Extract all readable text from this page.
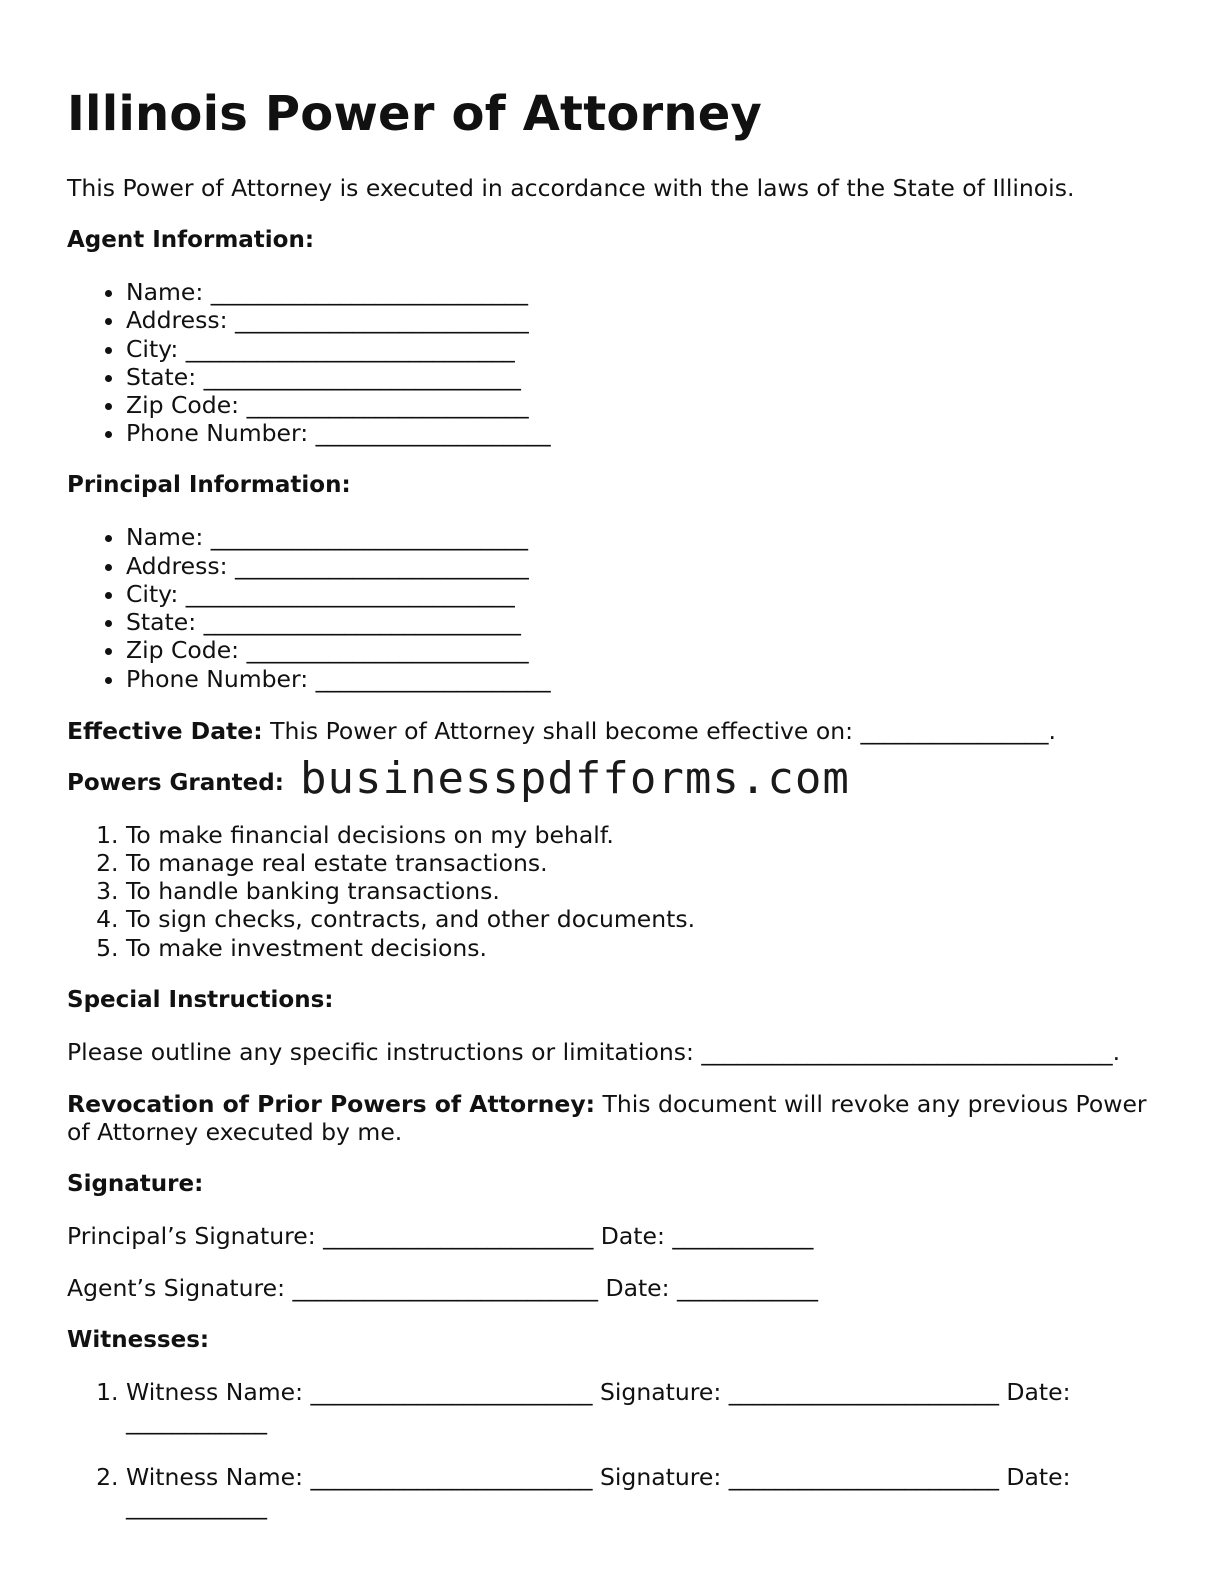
Illinois Power of Attorney

This Power of Attorney is executed in accordance with the laws of the State of Illinois.

Agent Information:

• Name: ___________________________
• Address: _________________________
• City: ____________________________
• State: ___________________________
• Zip Code: ________________________
• Phone Number: ____________________

Principal Information:

• Name: ___________________________
• Address: _________________________
• City: ____________________________
• State: ___________________________
• Zip Code: ________________________
• Phone Number: ____________________

Effective Date: This Power of Attorney shall become effective on: ________________.

Powers Granted: businesspdfforms.com
1. To make financial decisions on my behalf.
2. To manage real estate transactions.
3. To handle banking transactions.
4. To sign checks, contracts, and other documents.
5. To make investment decisions.

Special Instructions:

Please outline any specific instructions or limitations: ___________________________________.

Revocation of Prior Powers of Attorney: This document will revoke any previous Power of Attorney executed by me.

Signature:

Principal’s Signature: _______________________ Date: ____________

Agent’s Signature: __________________________ Date: ____________

Witnesses:

1. Witness Name: ________________________ Signature: _______________________ Date: ____________
2. Witness Name: ________________________ Signature: _______________________ Date: ____________
